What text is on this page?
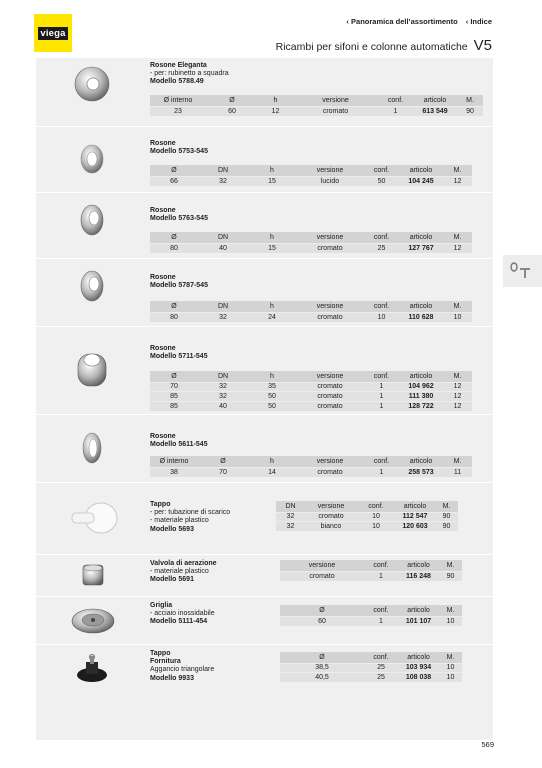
viega
‹ Panoramica dell’assortimento ‹ Indice
Ricambi per sifoni e colonne automatiche V5
Rosone Eleganta
- per: rubinetto a squadra
Modello 5788.49
Ø interno	Ø	h	versione	conf.	articolo	M.
23	60	12	cromato	1	613 549	90
Rosone
Modello 5753-545
Ø	DN	h	versione	conf.	articolo	M.
66	32	15	lucido	50	104 245	12
Rosone
Modello 5763-545
Ø	DN	h	versione	conf.	articolo	M.
80	40	15	cromato	25	127 767	12
Rosone
Modello 5787-545
Ø	DN	h	versione	conf.	articolo	M.
80	32	24	cromato	10	110 628	10
Rosone
Modello 5711-545
Ø	DN	h	versione	conf.	articolo	M.
70	32	35	cromato	1	104 962	12
85	32	50	cromato	1	111 380	12
85	40	50	cromato	1	128 722	12
Rosone
Modello 5611-545
Ø interno	Ø	h	versione	conf.	articolo	M.
38	70	14	cromato	1	258 573	11
Tappo
- per: tubazione di scarico
- materiale plastico
Modello 5693
DN	versione	conf.	articolo	M.
32	cromato	10	112 547	90
32	bianco	10	120 603	90
Valvola di aerazione
- materiale plastico
Modello 5691
versione	conf.	articolo	M.
cromato	1	116 248	90
Griglia
- acciaio inossidabile
Modello 5111-454
Ø	conf.	articolo	M.
60	1	101 107	10
Tappo
Fornitura
Aggancio triangolare
Modello 9933
Ø	conf.	articolo	M.
38,5	25	103 934	10
40,5	25	108 038	10
569
